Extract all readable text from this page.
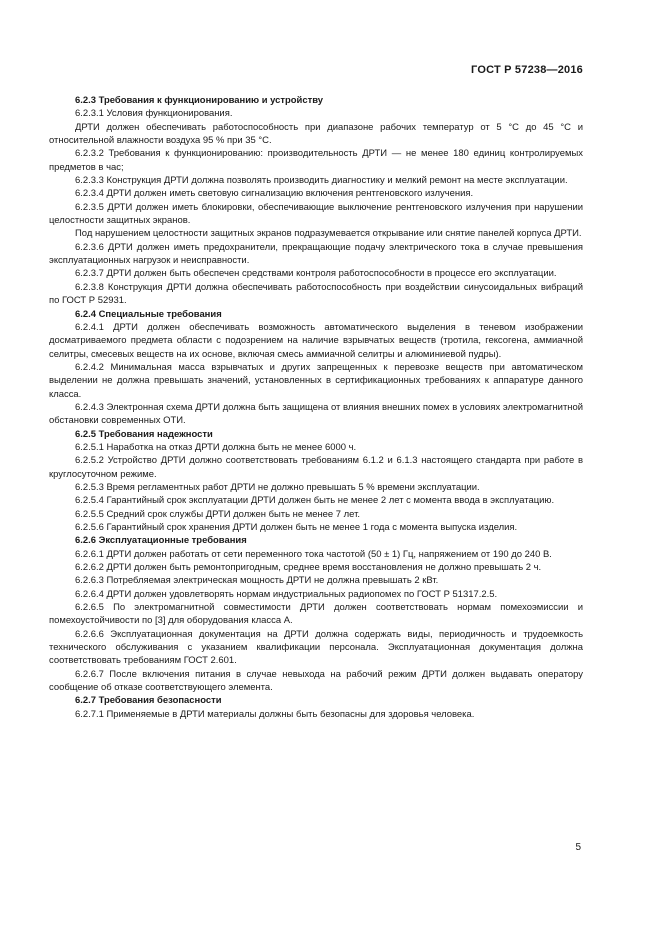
ГОСТ Р 57238—2016

6.2.3 Требования к функционированию и устройству

6.2.3.1 Условия функционирования.

ДРТИ должен обеспечивать работоспособность при диапазоне рабочих температур от 5 °С до 45 °С и относительной влажности воздуха 95 % при 35 °С.

6.2.3.2 Требования к функционированию: производительность ДРТИ — не менее 180 единиц контролируемых предметов в час;

6.2.3.3 Конструкция ДРТИ должна позволять производить диагностику и мелкий ремонт на месте эксплуатации.

6.2.3.4 ДРТИ должен иметь световую сигнализацию включения рентгеновского излучения.

6.2.3.5 ДРТИ должен иметь блокировки, обеспечивающие выключение рентгеновского излучения при нарушении целостности защитных экранов.

Под нарушением целостности защитных экранов подразумевается открывание или снятие панелей корпуса ДРТИ.

6.2.3.6 ДРТИ должен иметь предохранители, прекращающие подачу электрического тока в случае превышения эксплуатационных нагрузок и неисправности.

6.2.3.7 ДРТИ должен быть обеспечен средствами контроля работоспособности в процессе его эксплуатации.

6.2.3.8 Конструкция ДРТИ должна обеспечивать работоспособность при воздействии синусоидальных вибраций по ГОСТ Р 52931.

6.2.4 Специальные требования

6.2.4.1 ДРТИ должен обеспечивать возможность автоматического выделения в теневом изображении досматриваемого предмета области с подозрением на наличие взрывчатых веществ (тротила, гексогена, аммиачной селитры, смесевых веществ на их основе, включая смесь аммиачной селитры и алюминиевой пудры).

6.2.4.2 Минимальная масса взрывчатых и других запрещенных к перевозке веществ при автоматическом выделении не должна превышать значений, установленных в сертификационных требованиях к аппаратуре данного класса.

6.2.4.3 Электронная схема ДРТИ должна быть защищена от влияния внешних помех в условиях электромагнитной обстановки современных ОТИ.

6.2.5 Требования надежности

6.2.5.1 Наработка на отказ ДРТИ должна быть не менее 6000 ч.

6.2.5.2 Устройство ДРТИ должно соответствовать требованиям 6.1.2 и 6.1.3 настоящего стандарта при работе в круглосуточном режиме.

6.2.5.3 Время регламентных работ ДРТИ не должно превышать 5 % времени эксплуатации.

6.2.5.4 Гарантийный срок эксплуатации ДРТИ должен быть не менее 2 лет с момента ввода в эксплуатацию.

6.2.5.5 Средний срок службы ДРТИ должен быть не менее 7 лет.

6.2.5.6 Гарантийный срок хранения ДРТИ должен быть не менее 1 года с момента выпуска изделия.

6.2.6 Эксплуатационные требования

6.2.6.1 ДРТИ должен работать от сети переменного тока частотой (50 ± 1) Гц, напряжением от 190 до 240 В.

6.2.6.2 ДРТИ должен быть ремонтопригодным, среднее время восстановления не должно превышать 2 ч.

6.2.6.3 Потребляемая электрическая мощность ДРТИ не должна превышать 2 кВт.

6.2.6.4 ДРТИ должен удовлетворять нормам индустриальных радиопомех по ГОСТ Р 51317.2.5.

6.2.6.5 По электромагнитной совместимости ДРТИ должен соответствовать нормам помехоэмиссии и помехоустойчивости по [3] для оборудования класса А.

6.2.6.6 Эксплуатационная документация на ДРТИ должна содержать виды, периодичность и трудоемкость технического обслуживания с указанием квалификации персонала. Эксплуатационная документация должна соответствовать требованиям ГОСТ 2.601.

6.2.6.7 После включения питания в случае невыхода на рабочий режим ДРТИ должен выдавать оператору сообщение об отказе соответствующего элемента.

6.2.7 Требования безопасности

6.2.7.1 Применяемые в ДРТИ материалы должны быть безопасны для здоровья человека.

5
